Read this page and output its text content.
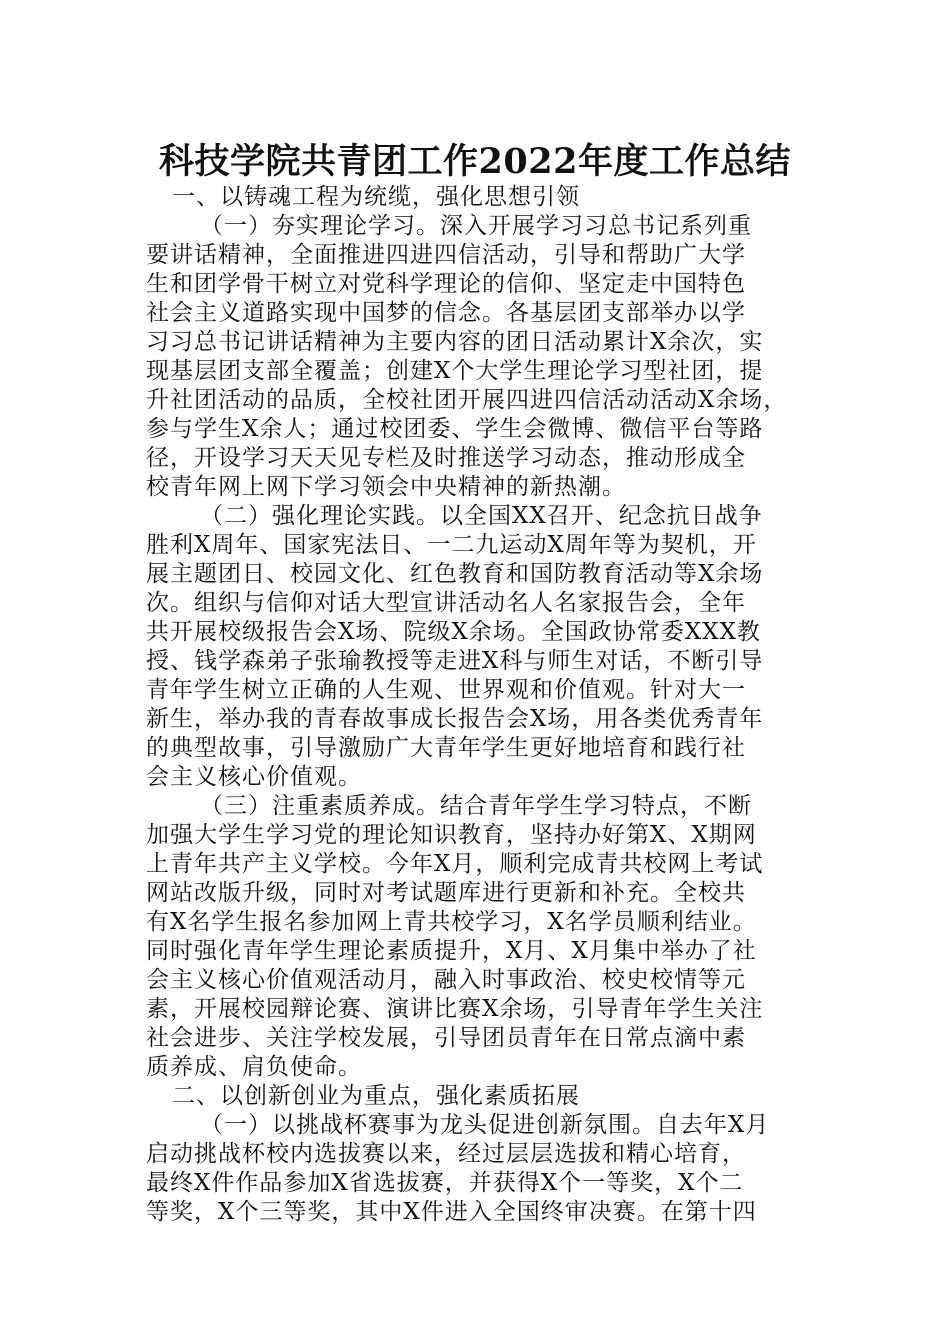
科技学院共青团工作2022年度工作总结
一、以铸魂工程为统缆，强化思想引领
（一）夯实理论学习。深入开展学习习总书记系列重
要讲话精神，全面推进四进四信活动，引导和帮助广大学
生和团学骨干树立对党科学理论的信仰、坚定走中国特色
社会主义道路实现中国梦的信念。各基层团支部举办以学
习习总书记讲话精神为主要内容的团日活动累计X余次，实
现基层团支部全覆盖；创建X个大学生理论学习型社团，提
升社团活动的品质，全校社团开展四进四信活动活动X余场，
参与学生X余人；通过校团委、学生会微博、微信平台等路
径，开设学习天天见专栏及时推送学习动态，推动形成全
校青年网上网下学习领会中央精神的新热潮。
（二）强化理论实践。以全国XX召开、纪念抗日战争
胜利X周年、国家宪法日、一二九运动X周年等为契机，开
展主题团日、校园文化、红色教育和国防教育活动等X余场
次。组织与信仰对话大型宣讲活动名人名家报告会，全年
共开展校级报告会X场、院级X余场。全国政协常委XXX教
授、钱学森弟子张瑜教授等走进X科与师生对话，不断引导
青年学生树立正确的人生观、世界观和价值观。针对大一
新生，举办我的青春故事成长报告会X场，用各类优秀青年
的典型故事，引导激励广大青年学生更好地培育和践行社
会主义核心价值观。
（三）注重素质养成。结合青年学生学习特点，不断
加强大学生学习党的理论知识教育，坚持办好第X、X期网
上青年共产主义学校。今年X月，顺利完成青共校网上考试
网站改版升级，同时对考试题库进行更新和补充。全校共
有X名学生报名参加网上青共校学习，X名学员顺利结业。
同时强化青年学生理论素质提升，X月、X月集中举办了社
会主义核心价值观活动月，融入时事政治、校史校情等元
素，开展校园辩论赛、演讲比赛X余场，引导青年学生关注
社会进步、关注学校发展，引导团员青年在日常点滴中素
质养成、肩负使命。
二、以创新创业为重点，强化素质拓展
（一）以挑战杯赛事为龙头促进创新氛围。自去年X月
启动挑战杯校内选拔赛以来，经过层层选拔和精心培育，
最终X件作品参加X省选拔赛，并获得X个一等奖，X个二
等奖，X个三等奖，其中X件进入全国终审决赛。在第十四
